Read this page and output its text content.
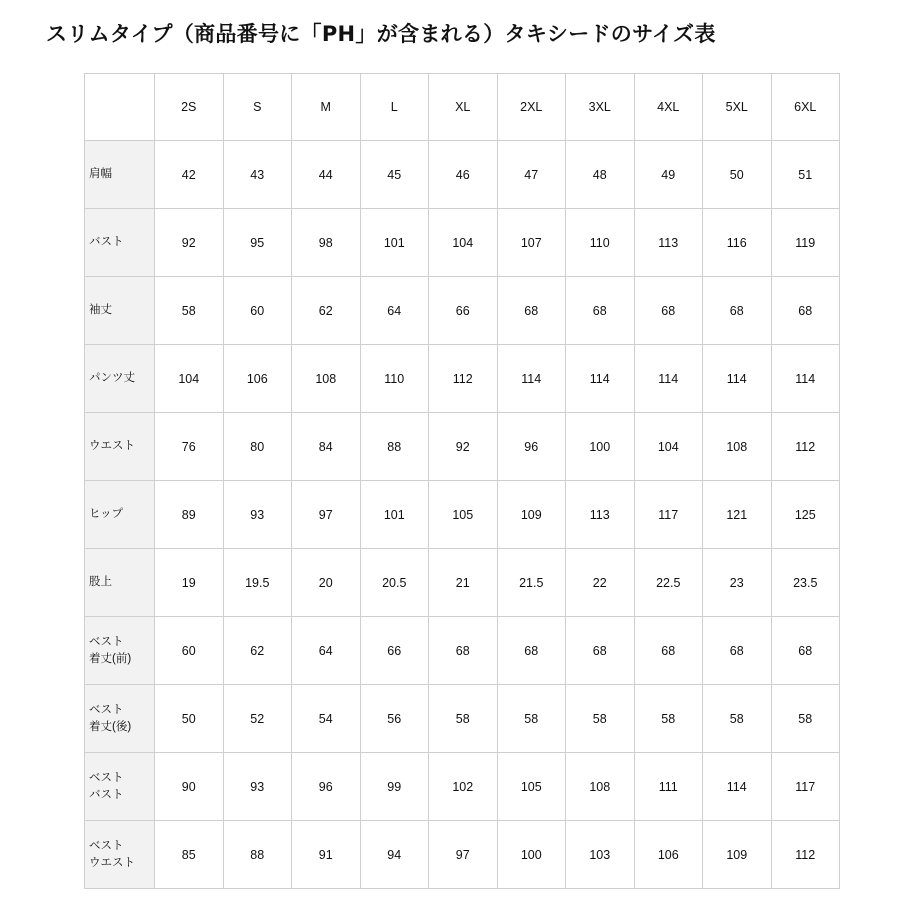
スリムタイプ（商品番号に「PH」が含まれる）タキシードのサイズ表
	2S	S	M	L	XL	2XL	3XL	4XL	5XL	6XL

肩幅	42	43	44	45	46	47	48	49	50	51

バスト	92	95	98	101	104	107	110	113	116	119

袖丈	58	60	62	64	66	68	68	68	68	68

パンツ丈	104	106	108	110	112	114	114	114	114	114

ウエスト	76	80	84	88	92	96	100	104	108	112

ヒップ	89	93	97	101	105	109	113	117	121	125

股上	19	19.5	20	20.5	21	21.5	22	22.5	23	23.5

ベスト
着丈(前)	60	62	64	66	68	68	68	68	68	68

ベスト
着丈(後)	50	52	54	56	58	58	58	58	58	58

ベスト
バスト	90	93	96	99	102	105	108	111	114	117

ベスト
ウエスト	85	88	91	94	97	100	103	106	109	112
